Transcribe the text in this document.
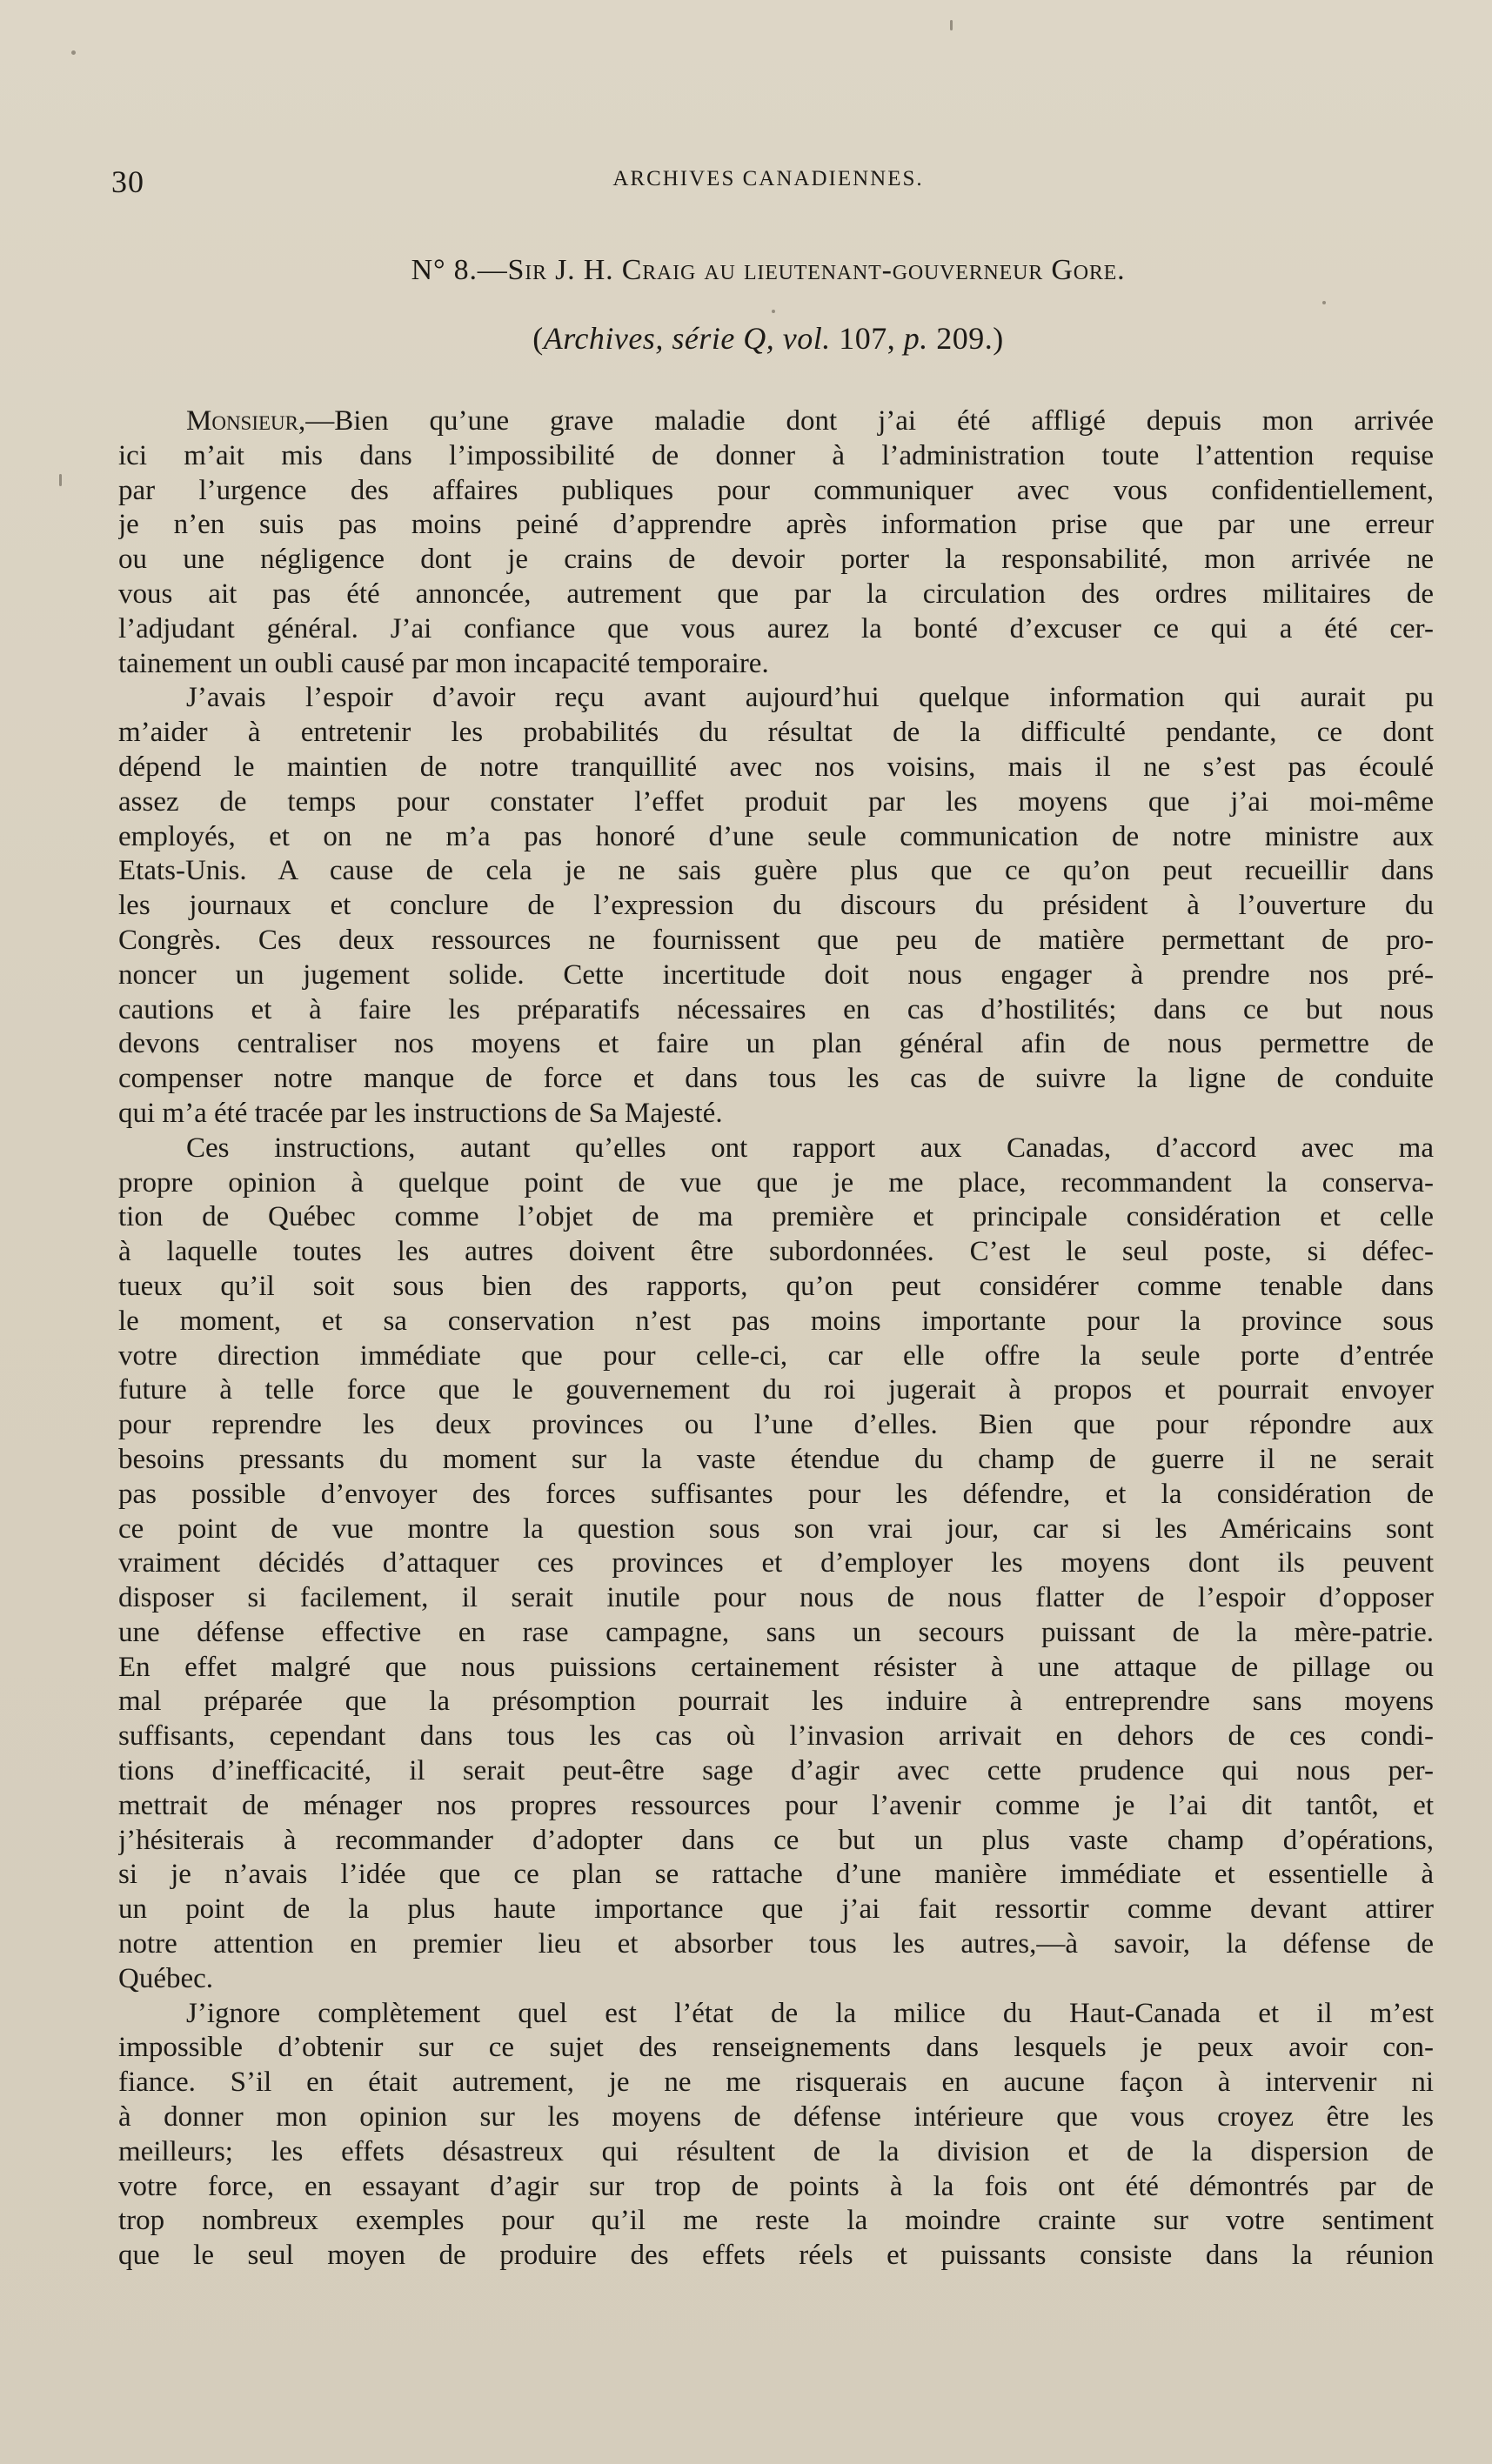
30	ARCHIVES CANADIENNES.
N° 8.—Sir J. H. Craig au lieutenant-gouverneur Gore.
(Archives, série Q, vol. 107, p. 209.)
Monsieur,—Bien qu’une grave maladie dont j’ai été affligé depuis mon arrivée
ici m’ait mis dans l’impossibilité de donner à l’administration toute l’attention requise
par l’urgence des affaires publiques pour communiquer avec vous confidentiellement,
je n’en suis pas moins peiné d’apprendre après information prise que par une erreur
ou une négligence dont je crains de devoir porter la responsabilité, mon arrivée ne
vous ait pas été annoncée, autrement que par la circulation des ordres militaires de
l’adjudant général. J’ai confiance que vous aurez la bonté d’excuser ce qui a été cer-
tainement un oubli causé par mon incapacité temporaire.
J’avais l’espoir d’avoir reçu avant aujourd’hui quelque information qui aurait pu
m’aider à entretenir les probabilités du résultat de la difficulté pendante, ce dont
dépend le maintien de notre tranquillité avec nos voisins, mais il ne s’est pas écoulé
assez de temps pour constater l’effet produit par les moyens que j’ai moi-même
employés, et on ne m’a pas honoré d’une seule communication de notre ministre aux
Etats-Unis. A cause de cela je ne sais guère plus que ce qu’on peut recueillir dans
les journaux et conclure de l’expression du discours du président à l’ouverture du
Congrès. Ces deux ressources ne fournissent que peu de matière permettant de pro-
noncer un jugement solide. Cette incertitude doit nous engager à prendre nos pré-
cautions et à faire les préparatifs nécessaires en cas d’hostilités; dans ce but nous
devons centraliser nos moyens et faire un plan général afin de nous permettre de
compenser notre manque de force et dans tous les cas de suivre la ligne de conduite
qui m’a été tracée par les instructions de Sa Majesté.
Ces instructions, autant qu’elles ont rapport aux Canadas, d’accord avec ma
propre opinion à quelque point de vue que je me place, recommandent la conserva-
tion de Québec comme l’objet de ma première et principale considération et celle
à laquelle toutes les autres doivent être subordonnées. C’est le seul poste, si défec-
tueux qu’il soit sous bien des rapports, qu’on peut considérer comme tenable dans
le moment, et sa conservation n’est pas moins importante pour la province sous
votre direction immédiate que pour celle-ci, car elle offre la seule porte d’entrée
future à telle force que le gouvernement du roi jugerait à propos et pourrait envoyer
pour reprendre les deux provinces ou l’une d’elles. Bien que pour répondre aux
besoins pressants du moment sur la vaste étendue du champ de guerre il ne serait
pas possible d’envoyer des forces suffisantes pour les défendre, et la considération de
ce point de vue montre la question sous son vrai jour, car si les Américains sont
vraiment décidés d’attaquer ces provinces et d’employer les moyens dont ils peuvent
disposer si facilement, il serait inutile pour nous de nous flatter de l’espoir d’opposer
une défense effective en rase campagne, sans un secours puissant de la mère-patrie.
En effet malgré que nous puissions certainement résister à une attaque de pillage ou
mal préparée que la présomption pourrait les induire à entreprendre sans moyens
suffisants, cependant dans tous les cas où l’invasion arrivait en dehors de ces condi-
tions d’inefficacité, il serait peut-être sage d’agir avec cette prudence qui nous per-
mettrait de ménager nos propres ressources pour l’avenir comme je l’ai dit tantôt, et
j’hésiterais à recommander d’adopter dans ce but un plus vaste champ d’opérations,
si je n’avais l’idée que ce plan se rattache d’une manière immédiate et essentielle à
un point de la plus haute importance que j’ai fait ressortir comme devant attirer
notre attention en premier lieu et absorber tous les autres,—à savoir, la défense de
Québec.
J’ignore complètement quel est l’état de la milice du Haut-Canada et il m’est
impossible d’obtenir sur ce sujet des renseignements dans lesquels je peux avoir con-
fiance. S’il en était autrement, je ne me risquerais en aucune façon à intervenir ni
à donner mon opinion sur les moyens de défense intérieure que vous croyez être les
meilleurs; les effets désastreux qui résultent de la division et de la dispersion de
votre force, en essayant d’agir sur trop de points à la fois ont été démontrés par de
trop nombreux exemples pour qu’il me reste la moindre crainte sur votre sentiment
que le seul moyen de produire des effets réels et puissants consiste dans la réunion
